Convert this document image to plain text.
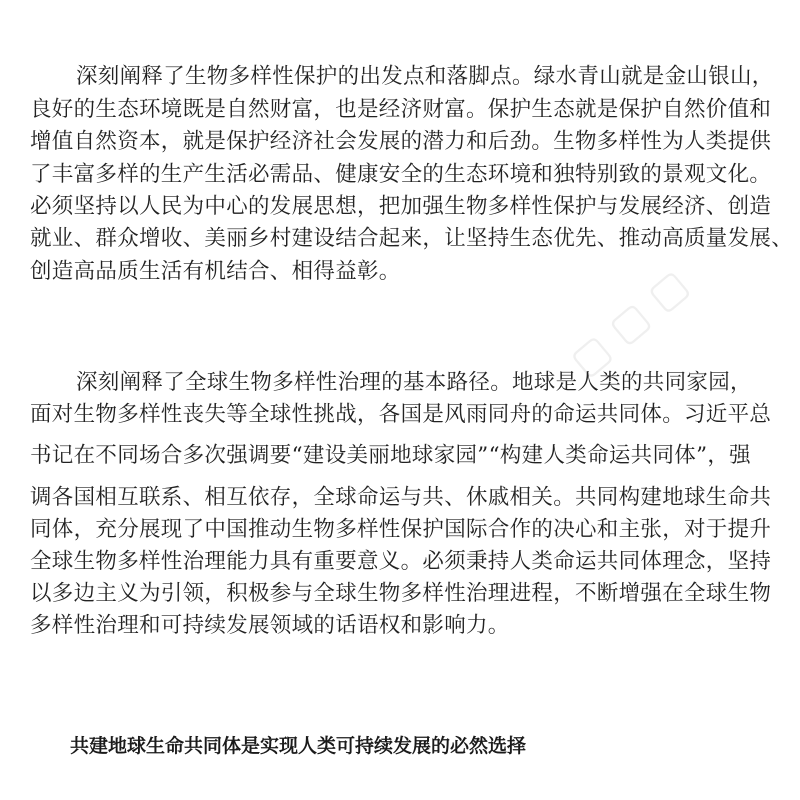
▢ ▢ ▢
深刻阐释了生物多样性保护的出发点和落脚点。绿水青山就是金山银山，
良好的生态环境既是自然财富，也是经济财富。保护生态就是保护自然价值和
增值自然资本，就是保护经济社会发展的潜力和后劲。生物多样性为人类提供
了丰富多样的生产生活必需品、健康安全的生态环境和独特别致的景观文化。
必须坚持以人民为中心的发展思想，把加强生物多样性保护与发展经济、创造
就业、群众增收、美丽乡村建设结合起来，让坚持生态优先、推动高质量发展、
创造高品质生活有机结合、相得益彰。
深刻阐释了全球生物多样性治理的基本路径。地球是人类的共同家园，
面对生物多样性丧失等全球性挑战，各国是风雨同舟的命运共同体。习近平总
书记在不同场合多次强调要“建设美丽地球家园”“构建人类命运共同体”，强
调各国相互联系、相互依存，全球命运与共、休戚相关。共同构建地球生命共
同体，充分展现了中国推动生物多样性保护国际合作的决心和主张，对于提升
全球生物多样性治理能力具有重要意义。必须秉持人类命运共同体理念，坚持
以多边主义为引领，积极参与全球生物多样性治理进程，不断增强在全球生物
多样性治理和可持续发展领域的话语权和影响力。
共建地球生命共同体是实现人类可持续发展的必然选择
